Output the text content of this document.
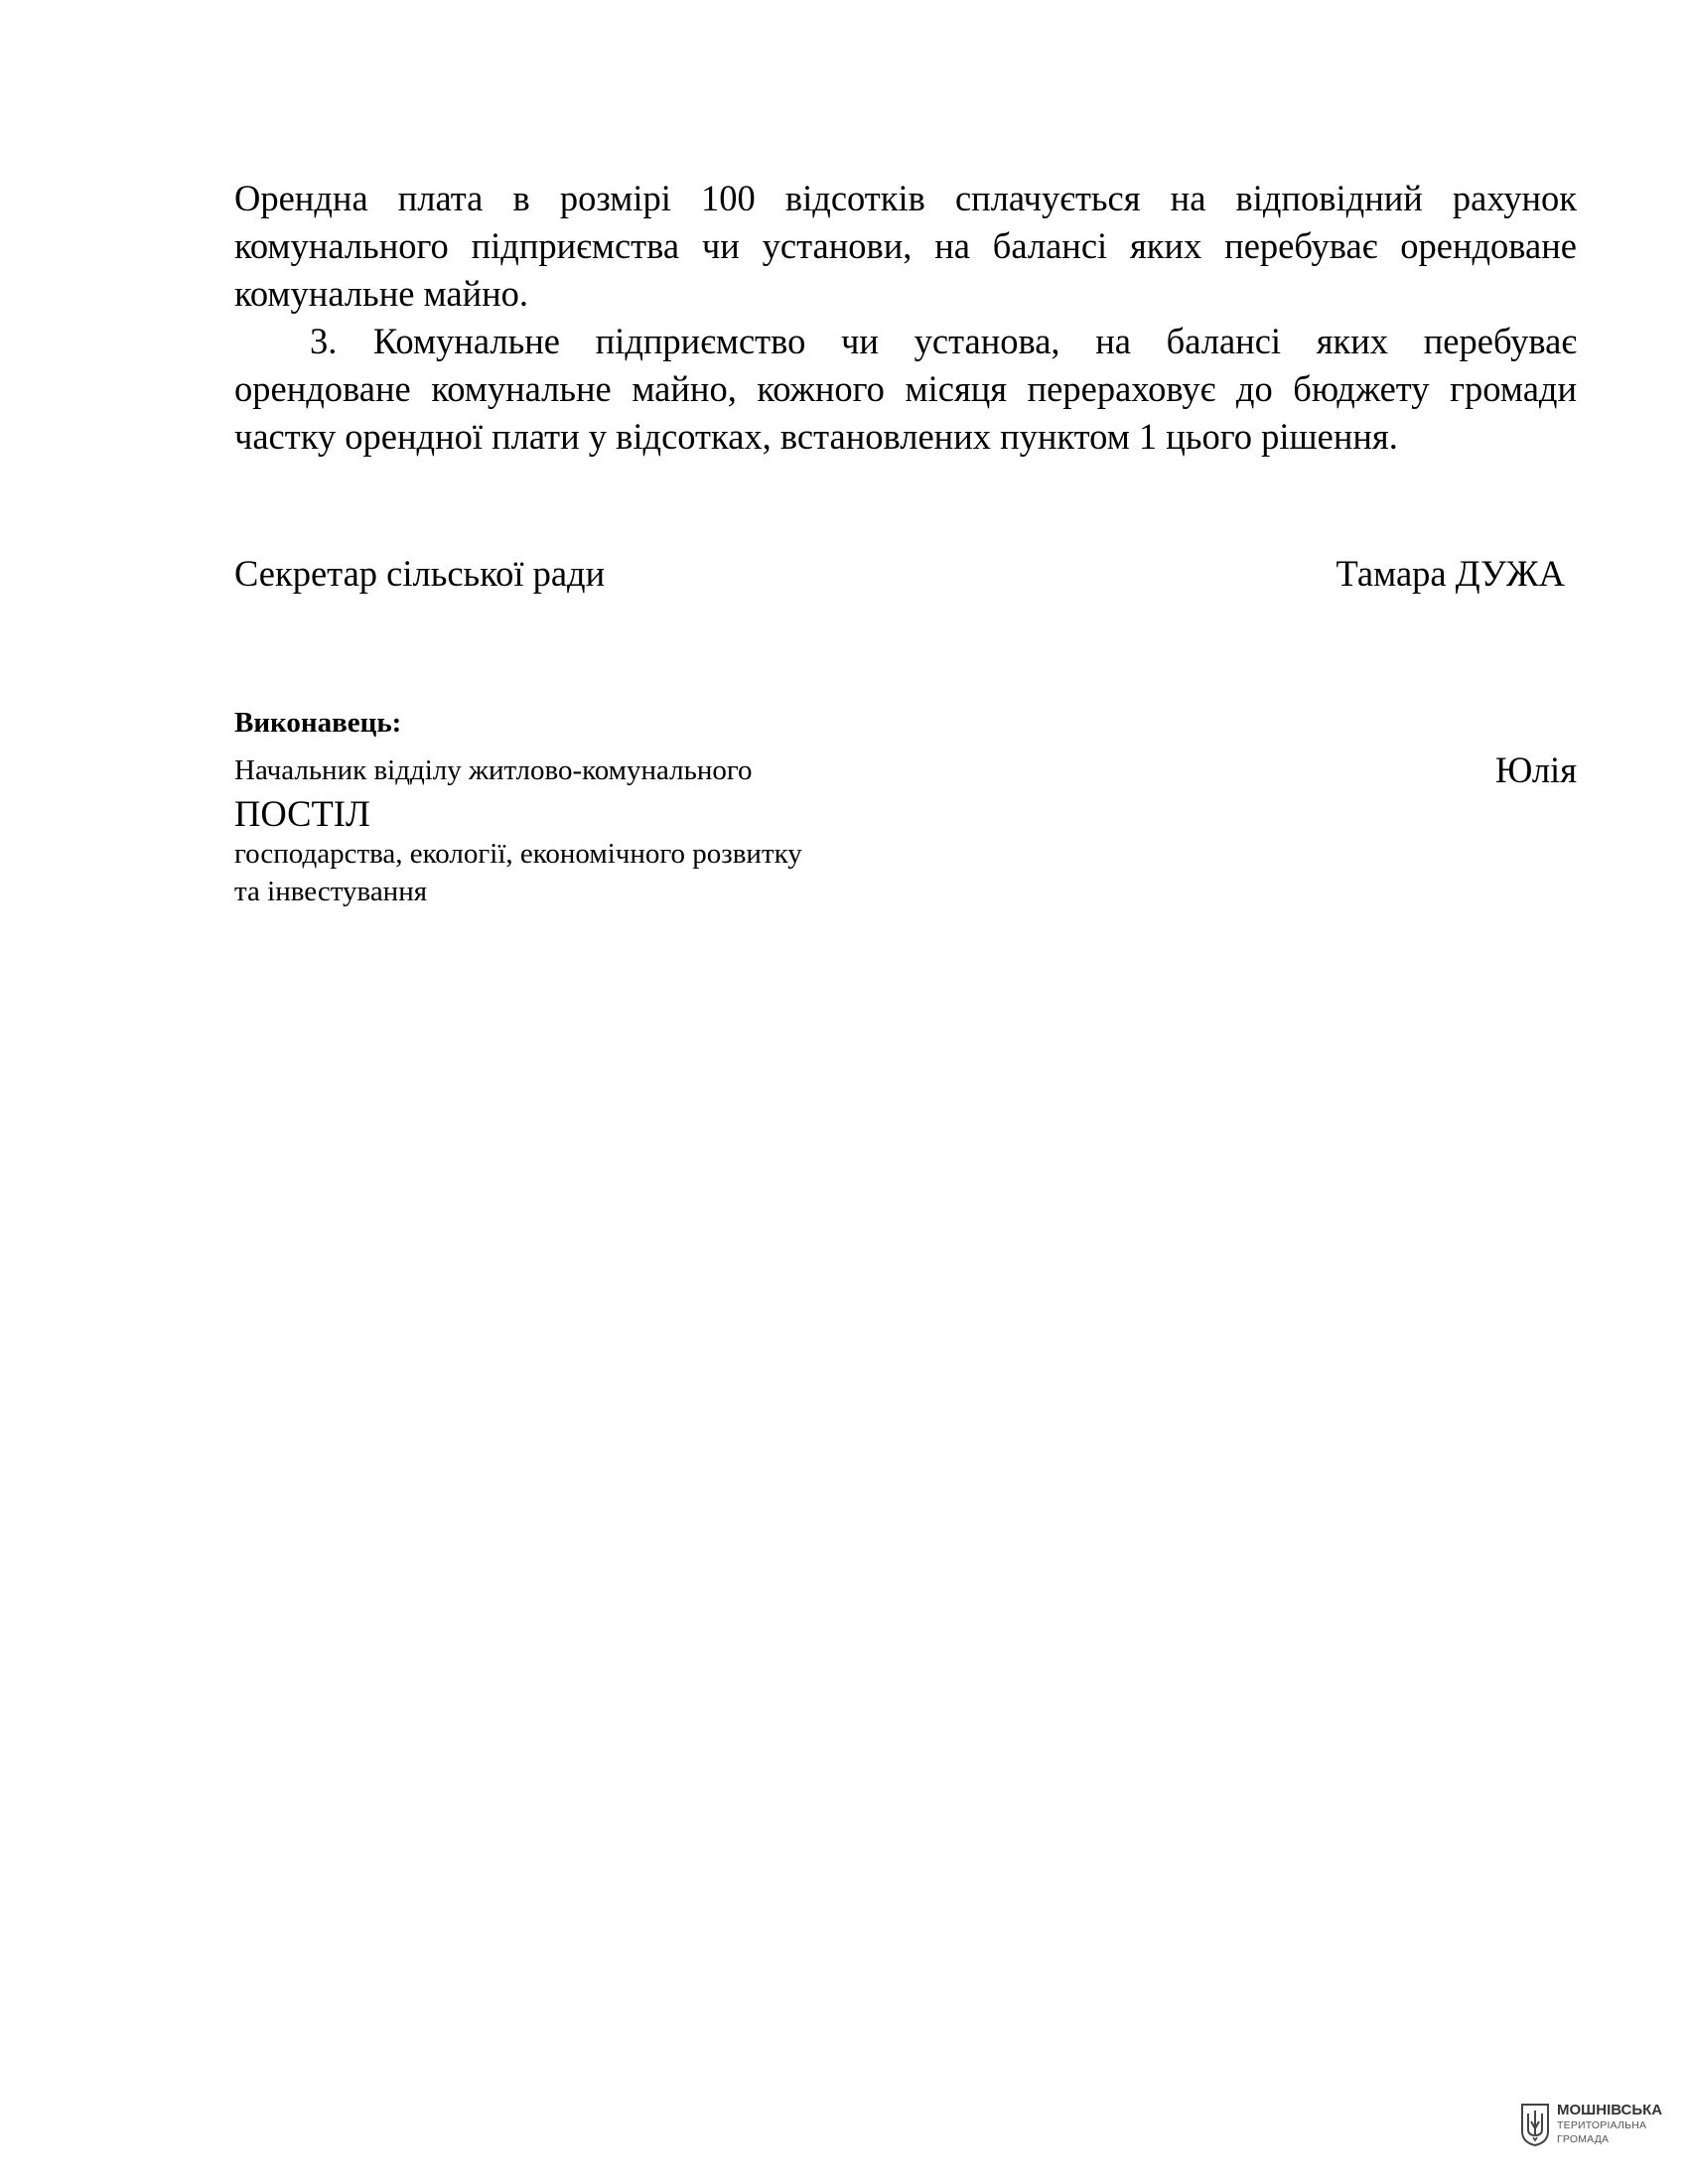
Орендна плата в розмірі 100 відсотків сплачується на відповідний рахунок комунального підприємства чи установи, на балансі яких перебуває орендоване комунальне майно.

3. Комунальне підприємство чи установа, на балансі яких перебуває орендоване комунальне майно, кожного місяця перераховує до бюджету громади частку орендної плати у відсотках, встановлених пунктом 1 цього рішення.

Секретар сільської ради	Тамара ДУЖА
Виконавець:
Начальник відділу житлово-комунального	Юлія
ПОСТІЛ
господарства, екології, економічного розвитку
та інвестування
МОШНІВСЬКА
ТЕРИТОРІАЛЬНА
ГРОМАДА
